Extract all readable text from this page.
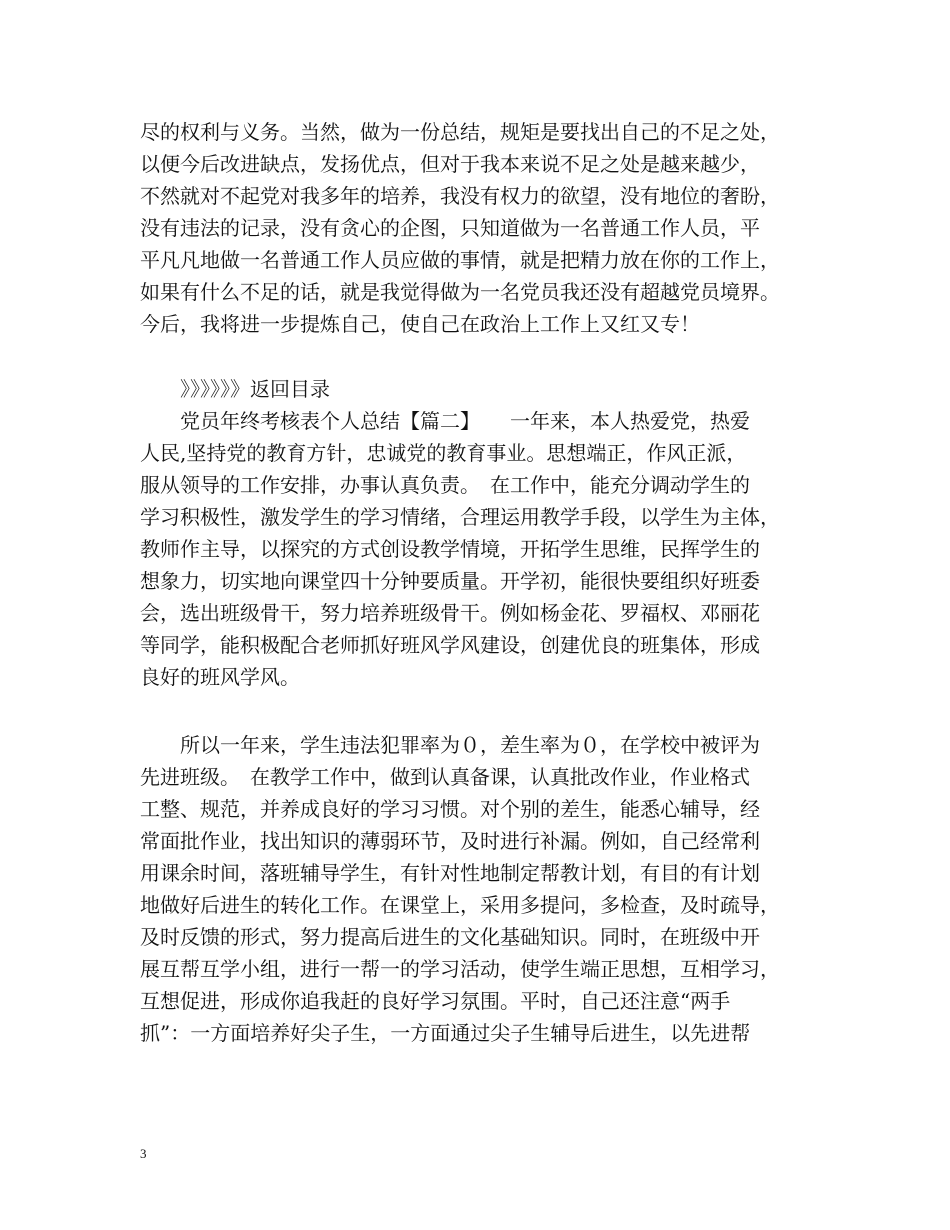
尽的权利与义务。当然，做为一份总结，规矩是要找出自己的不足之处，
以便今后改进缺点，发扬优点，但对于我本来说不足之处是越来越少，
不然就对不起党对我多年的培养，我没有权力的欲望，没有地位的奢盼，
没有违法的记录，没有贪心的企图，只知道做为一名普通工作人员，平
平凡凡地做一名普通工作人员应做的事情，就是把精力放在你的工作上，
如果有什么不足的话，就是我觉得做为一名党员我还没有超越党员境界。
今后，我将进一步提炼自己，使自己在政治上工作上又红又专！
》》》》》》返回目录
党员年终考核表个人总结【篇二】　　一年来，本人热爱党，热爱
人民,坚持党的教育方针，忠诚党的教育事业。思想端正，作风正派，
服从领导的工作安排，办事认真负责。　在工作中，能充分调动学生的
学习积极性，激发学生的学习情绪，合理运用教学手段，以学生为主体，
教师作主导，以探究的方式创设教学情境，开拓学生思维，民挥学生的
想象力，切实地向课堂四十分钟要质量。开学初，能很快要组织好班委
会，选出班级骨干，努力培养班级骨干。例如杨金花、罗福权、邓丽花
等同学，能积极配合老师抓好班风学风建设，创建优良的班集体，形成
良好的班风学风。
所以一年来，学生违法犯罪率为０，差生率为０，在学校中被评为
先进班级。　在教学工作中，做到认真备课，认真批改作业，作业格式
工整、规范，并养成良好的学习习惯。对个别的差生，能悉心辅导，经
常面批作业，找出知识的薄弱环节，及时进行补漏。例如，自己经常利
用课余时间，落班辅导学生，有针对性地制定帮教计划，有目的有计划
地做好后进生的转化工作。在课堂上，采用多提问，多检查，及时疏导，
及时反馈的形式，努力提高后进生的文化基础知识。同时，在班级中开
展互帮互学小组，进行一帮一的学习活动，使学生端正思想，互相学习，
互想促进，形成你追我赶的良好学习氛围。平时，自己还注意“两手
抓”：一方面培养好尖子生，一方面通过尖子生辅导后进生，以先进帮
3
